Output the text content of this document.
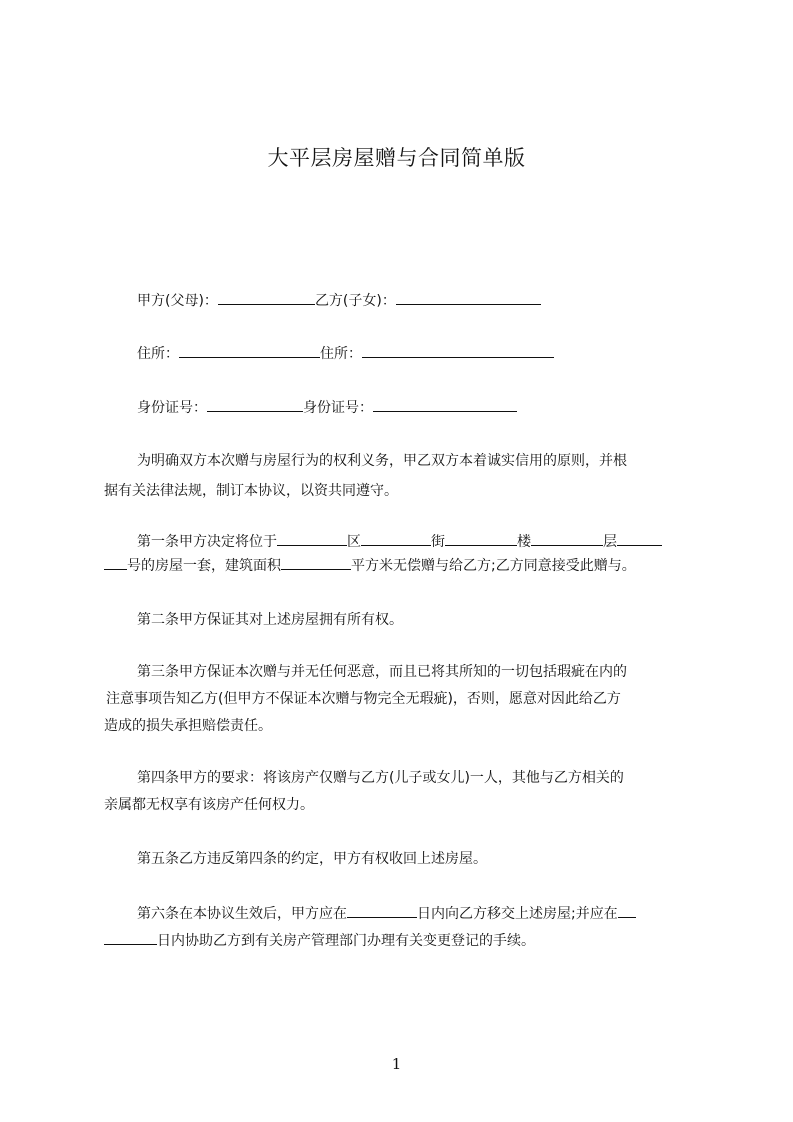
大平层房屋赠与合同简单版
甲方(父母)：	乙方(子女)：
住所：	住所：
身份证号：	身份证号：
为明确双方本次赠与房屋行为的权利义务，甲乙双方本着诚实信用的原则，并根
据有关法律法规，制订本协议，以资共同遵守。
第一条甲方决定将位于	区	街	楼	层
号的房屋一套，建筑面积	平方米无偿赠与给乙方;乙方同意接受此赠与。
第二条甲方保证其对上述房屋拥有所有权。
第三条甲方保证本次赠与并无任何恶意，而且已将其所知的一切包括瑕疵在内的
注意事项告知乙方(但甲方不保证本次赠与物完全无瑕疵)，否则，愿意对因此给乙方
造成的损失承担赔偿责任。
第四条甲方的要求：将该房产仅赠与乙方(儿子或女儿)一人，其他与乙方相关的
亲属都无权享有该房产任何权力。
第五条乙方违反第四条的约定，甲方有权收回上述房屋。
第六条在本协议生效后，甲方应在	日内向乙方移交上述房屋;并应在
日内协助乙方到有关房产管理部门办理有关变更登记的手续。
1
